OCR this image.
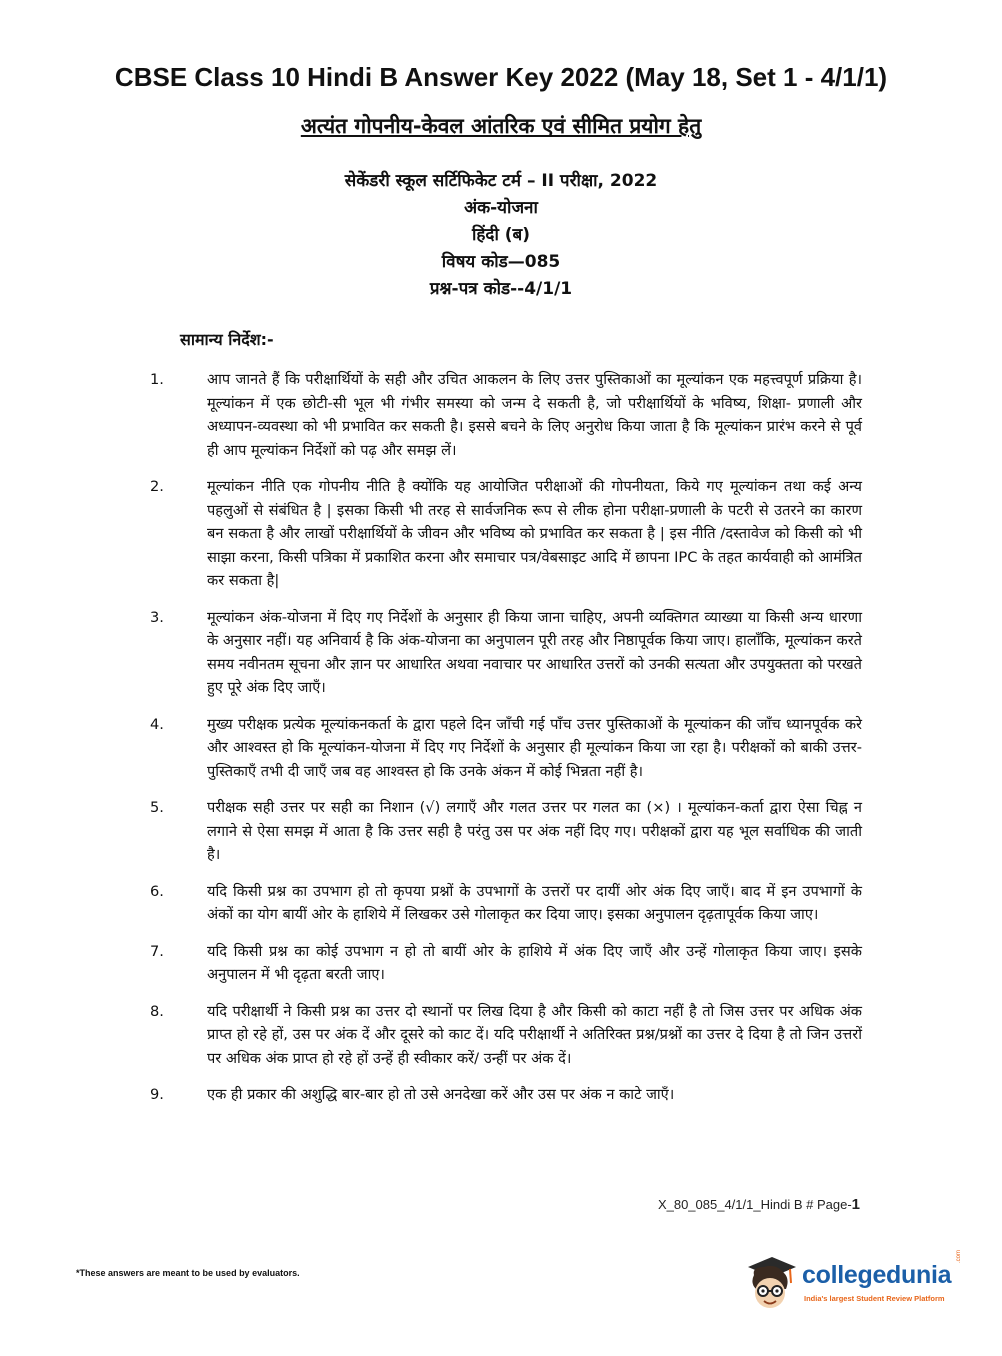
CBSE Class 10 Hindi B Answer Key 2022 (May 18, Set 1 - 4/1/1)
अत्यंत गोपनीय-केवल आंतरिक एवं सीमित प्रयोग हेतु
सेकेंडरी स्कूल सर्टिफिकेट टर्म – II परीक्षा, 2022
अंक-योजना
हिंदी (ब)
विषय कोड—085
प्रश्न-पत्र कोड--4/1/1
सामान्य निर्देश:-
1.	आप जानते हैं कि परीक्षार्थियों के सही और उचित आकलन के लिए उत्तर पुस्तिकाओं का मूल्यांकन एक महत्त्वपूर्ण प्रक्रिया है। मूल्यांकन में एक छोटी-सी भूल भी गंभीर समस्या को जन्म दे सकती है, जो परीक्षार्थियों के भविष्य, शिक्षा- प्रणाली और अध्यापन-व्यवस्था को भी प्रभावित कर सकती है। इससे बचने के लिए अनुरोध किया जाता है कि मूल्यांकन प्रारंभ करने से पूर्व ही आप मूल्यांकन निर्देशों को पढ़ और समझ लें।
2.	मूल्यांकन नीति एक गोपनीय नीति है क्योंकि यह आयोजित परीक्षाओं की गोपनीयता, किये गए मूल्यांकन तथा कई अन्य पहलुओं से संबंधित है | इसका किसी भी तरह से सार्वजनिक रूप से लीक होना परीक्षा-प्रणाली के पटरी से उतरने का कारण बन सकता है और लाखों परीक्षार्थियों के जीवन और भविष्य को प्रभावित कर सकता है | इस नीति /दस्तावेज को किसी को भी साझा करना, किसी पत्रिका में प्रकाशित करना और समाचार पत्र/वेबसाइट आदि में छापना IPC के तहत कार्यवाही को आमंत्रित कर सकता है|
3.	मूल्यांकन अंक-योजना में दिए गए निर्देशों के अनुसार ही किया जाना चाहिए, अपनी व्यक्तिगत व्याख्या या किसी अन्य धारणा के अनुसार नहीं। यह अनिवार्य है कि अंक-योजना का अनुपालन पूरी तरह और निष्ठापूर्वक किया जाए। हालाँकि, मूल्यांकन करते समय नवीनतम सूचना और ज्ञान पर आधारित अथवा नवाचार पर आधारित उत्तरों को उनकी सत्यता और उपयुक्तता को परखते हुए पूरे अंक दिए जाएँ।
4.	मुख्य परीक्षक प्रत्येक मूल्यांकनकर्ता के द्वारा पहले दिन जाँची गई पाँच उत्तर पुस्तिकाओं के मूल्यांकन की जाँच ध्यानपूर्वक करे और आश्वस्त हो कि मूल्यांकन-योजना में दिए गए निर्देशों के अनुसार ही मूल्यांकन किया जा रहा है। परीक्षकों को बाकी उत्तर- पुस्तिकाएँ तभी दी जाएँ जब वह आश्वस्त हो कि उनके अंकन में कोई भिन्नता नहीं है।
5.	परीक्षक सही उत्तर पर सही का निशान (√) लगाएँ और गलत उत्तर पर गलत का (×) । मूल्यांकन-कर्ता द्वारा ऐसा चिह्न न लगाने से ऐसा समझ में आता है कि उत्तर सही है परंतु उस पर अंक नहीं दिए गए। परीक्षकों द्वारा यह भूल सर्वाधिक की जाती है।
6.	यदि किसी प्रश्न का उपभाग हो तो कृपया प्रश्नों के उपभागों के उत्तरों पर दायीं ओर अंक दिए जाएँ। बाद में इन उपभागों के अंकों का योग बायीं ओर के हाशिये में लिखकर उसे गोलाकृत कर दिया जाए। इसका अनुपालन दृढ़तापूर्वक किया जाए।
7.	यदि किसी प्रश्न का कोई उपभाग न हो तो बायीं ओर के हाशिये में अंक दिए जाएँ और उन्हें गोलाकृत किया जाए। इसके अनुपालन में भी दृढ़ता बरती जाए।
8.	यदि परीक्षार्थी ने किसी प्रश्न का उत्तर दो स्थानों पर लिख दिया है और किसी को काटा नहीं है तो जिस उत्तर पर अधिक अंक प्राप्त हो रहे हों, उस पर अंक दें और दूसरे को काट दें। यदि परीक्षार्थी ने अतिरिक्त प्रश्न/प्रश्नों का उत्तर दे दिया है तो जिन उत्तरों पर अधिक अंक प्राप्त हो रहे हों उन्हें ही स्वीकार करें/ उन्हीं पर अंक दें।
9.	एक ही प्रकार की अशुद्धि बार-बार हो तो उसे अनदेखा करें और उस पर अंक न काटे जाएँ।
X_80_085_4/1/1_Hindi B # Page-1
*These answers are meant to be used by evaluators.	collegedunia
.com
India's largest Student Review Platform
